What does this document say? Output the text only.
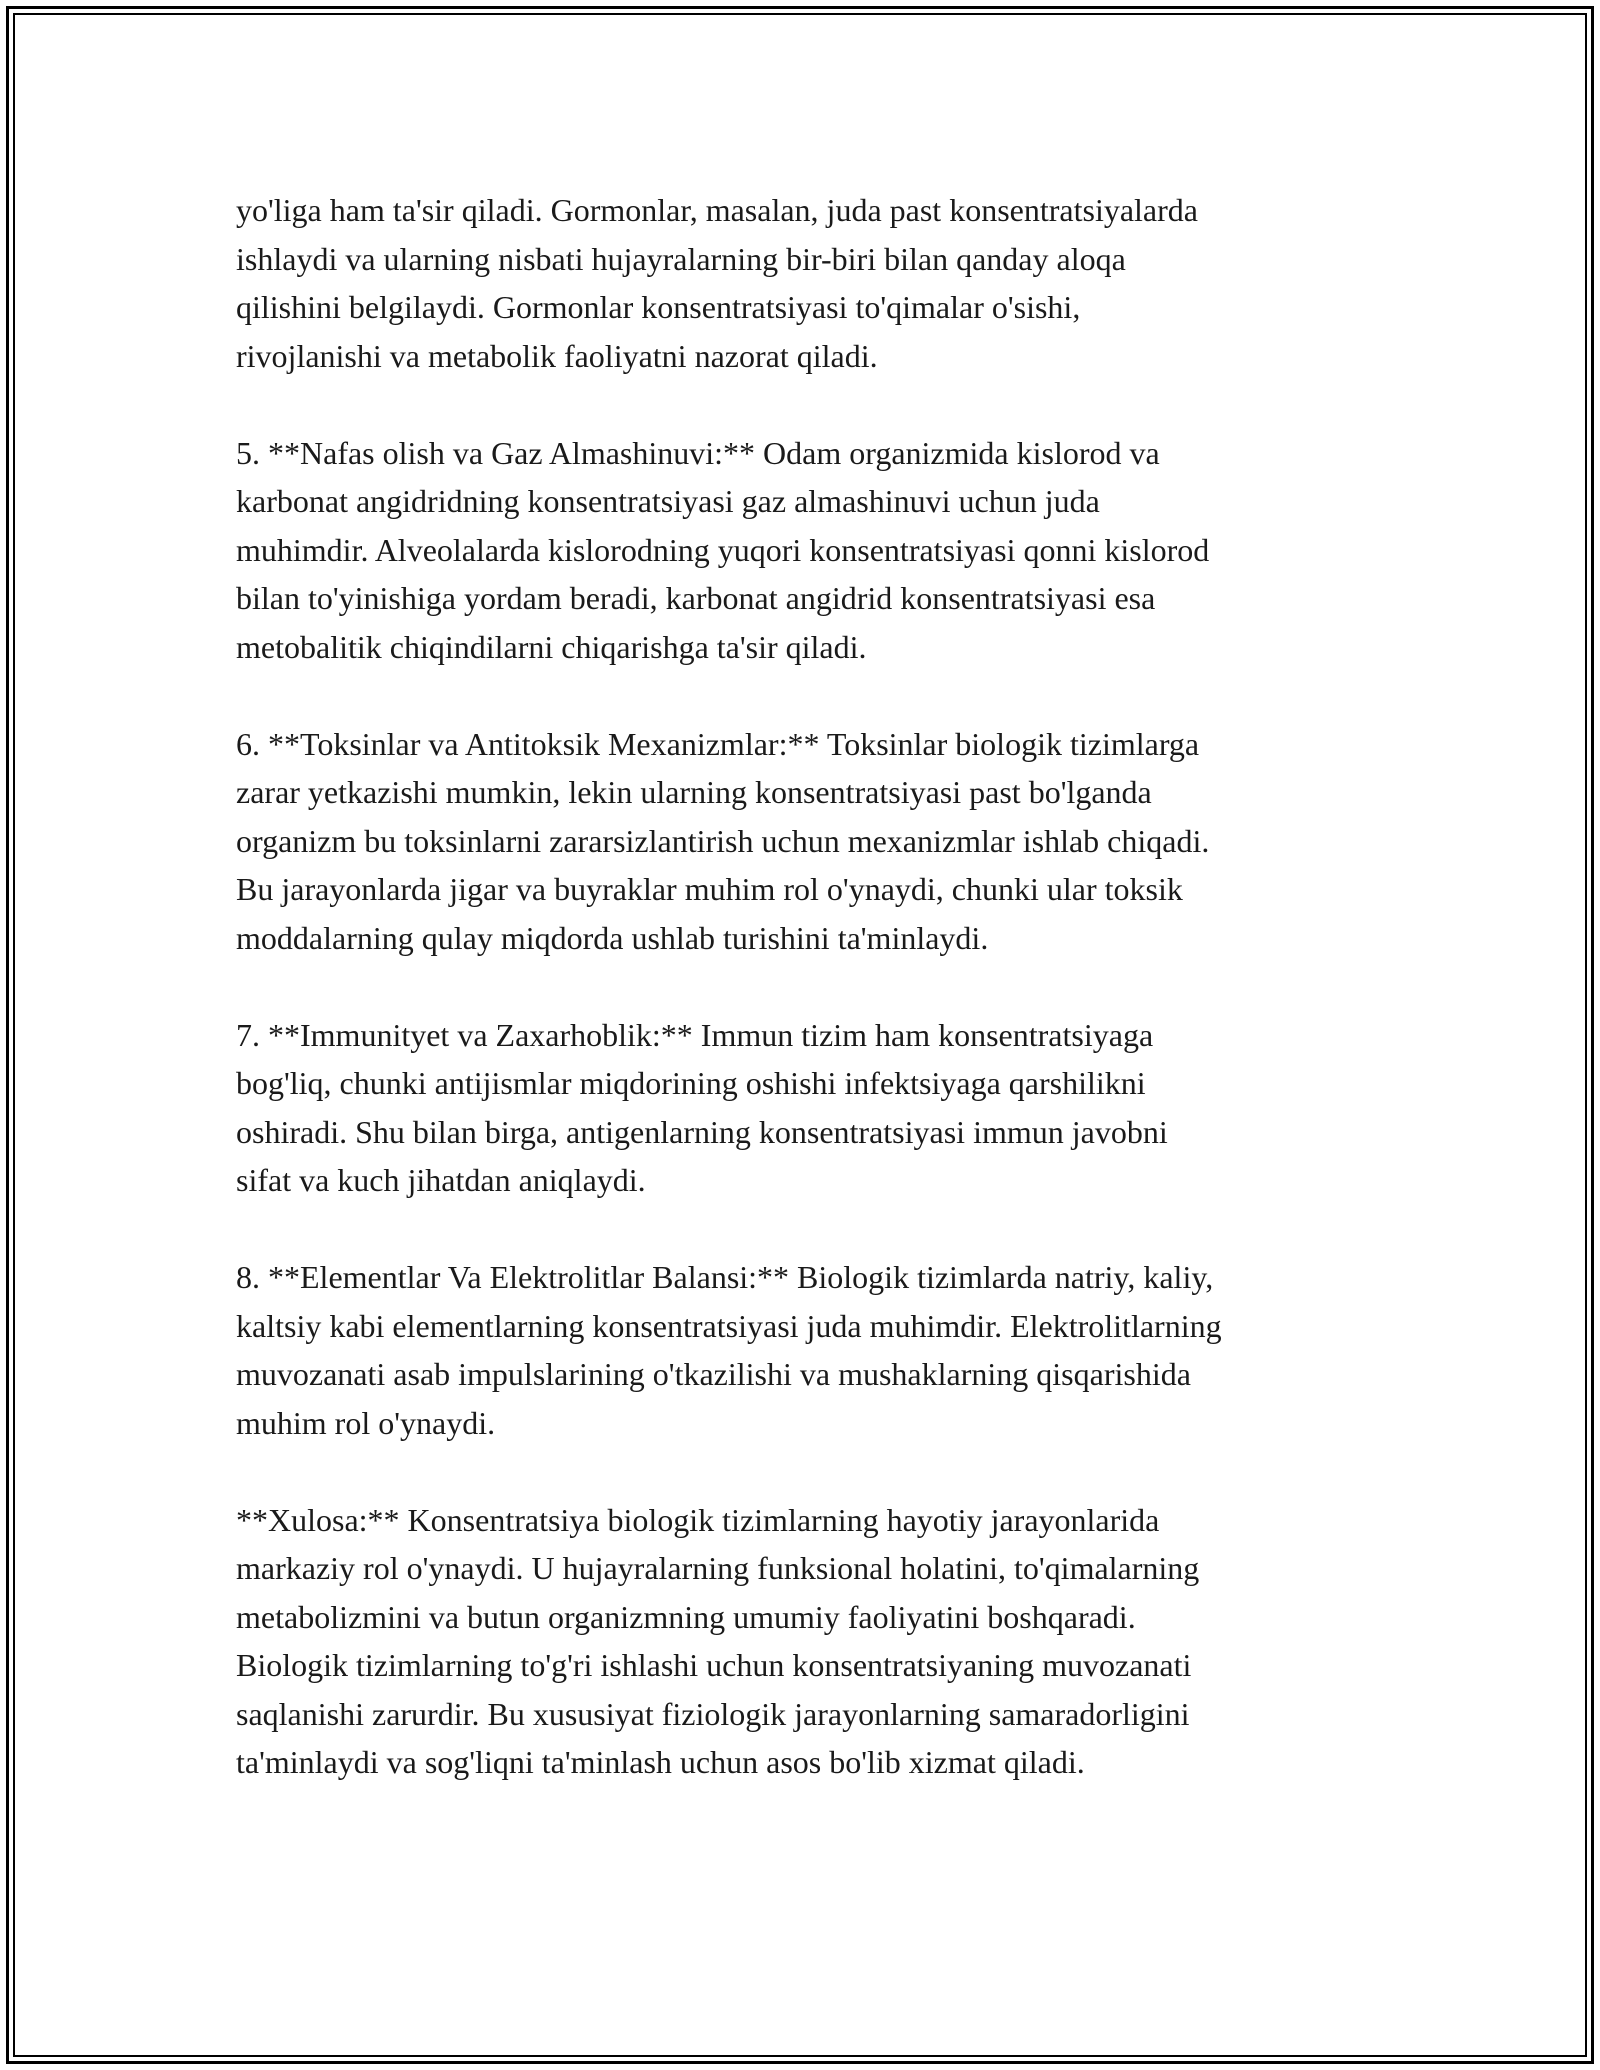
yo'liga ham ta'sir qiladi. Gormonlar, masalan, juda past konsentratsiyalarda
ishlaydi va ularning nisbati hujayralarning bir-biri bilan qanday aloqa
qilishini belgilaydi. Gormonlar konsentratsiyasi to'qimalar o'sishi,
rivojlanishi va metabolik faoliyatni nazorat qiladi.

5. **Nafas olish va Gaz Almashinuvi:** Odam organizmida kislorod va
karbonat angidridning konsentratsiyasi gaz almashinuvi uchun juda
muhimdir. Alveolalarda kislorodning yuqori konsentratsiyasi qonni kislorod
bilan to'yinishiga yordam beradi, karbonat angidrid konsentratsiyasi esa
metobalitik chiqindilarni chiqarishga ta'sir qiladi.

6. **Toksinlar va Antitoksik Mexanizmlar:** Toksinlar biologik tizimlarga
zarar yetkazishi mumkin, lekin ularning konsentratsiyasi past bo'lganda
organizm bu toksinlarni zararsizlantirish uchun mexanizmlar ishlab chiqadi.
Bu jarayonlarda jigar va buyraklar muhim rol o'ynaydi, chunki ular toksik
moddalarning qulay miqdorda ushlab turishini ta'minlaydi.

7. **Immunityet va Zaxarhoblik:** Immun tizim ham konsentratsiyaga
bog'liq, chunki antijismlar miqdorining oshishi infektsiyaga qarshilikni
oshiradi. Shu bilan birga, antigenlarning konsentratsiyasi immun javobni
sifat va kuch jihatdan aniqlaydi.

8. **Elementlar Va Elektrolitlar Balansi:** Biologik tizimlarda natriy, kaliy,
kaltsiy kabi elementlarning konsentratsiyasi juda muhimdir. Elektrolitlarning
muvozanati asab impulslarining o'tkazilishi va mushaklarning qisqarishida
muhim rol o'ynaydi.

**Xulosa:** Konsentratsiya biologik tizimlarning hayotiy jarayonlarida
markaziy rol o'ynaydi. U hujayralarning funksional holatini, to'qimalarning
metabolizmini va butun organizmning umumiy faoliyatini boshqaradi.
Biologik tizimlarning to'g'ri ishlashi uchun konsentratsiyaning muvozanati
saqlanishi zarurdir. Bu xususiyat fiziologik jarayonlarning samaradorligini
ta'minlaydi va sog'liqni ta'minlash uchun asos bo'lib xizmat qiladi.
